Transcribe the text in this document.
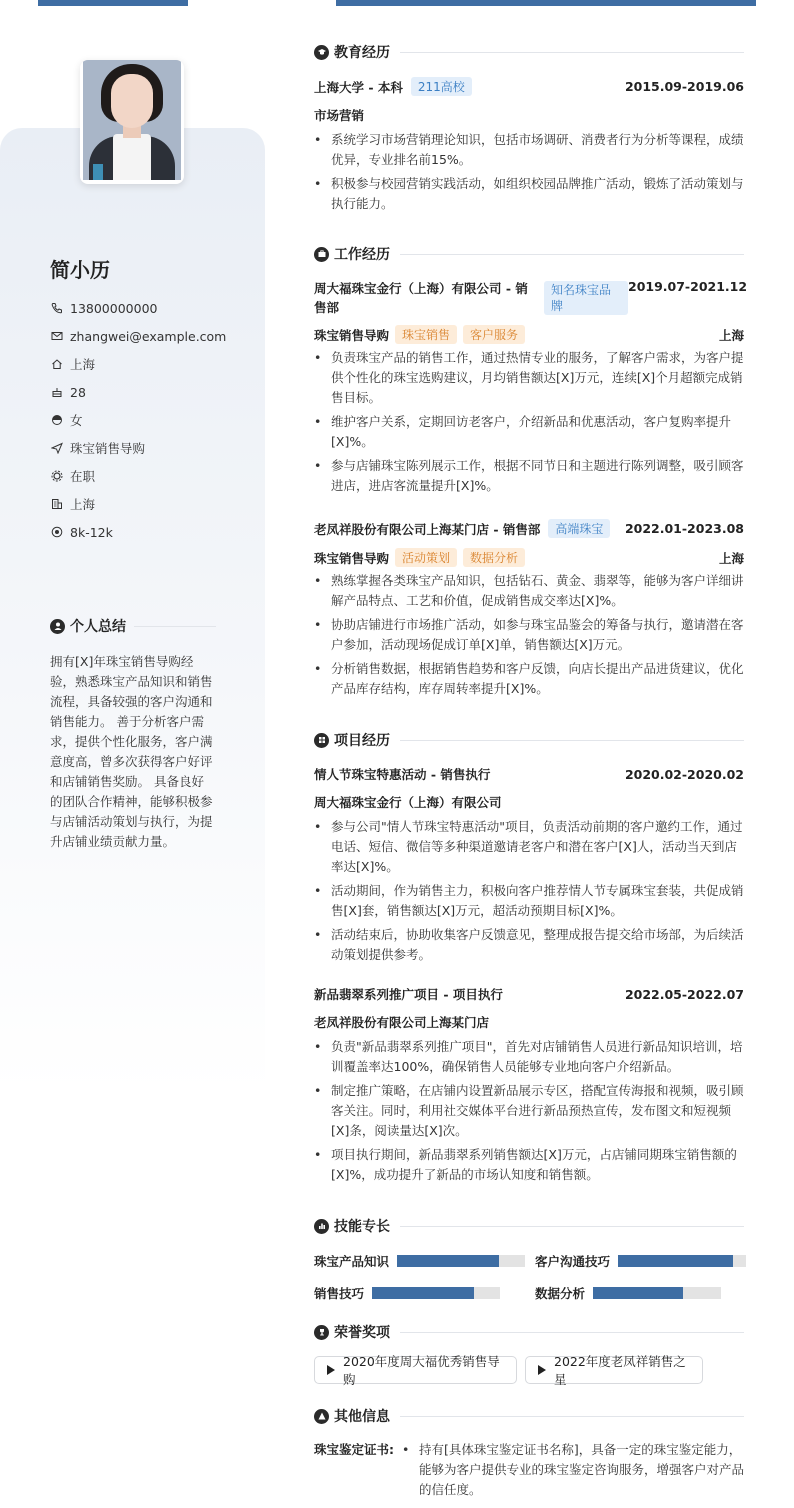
简小历
13800000000
zhangwei@example.com
上海
28
女
珠宝销售导购
在职
上海
8k-12k
个人总结
拥有[X]年珠宝销售导购经验，熟悉珠宝产品知识和销售流程，具备较强的客户沟通和销售能力。 善于分析客户需求，提供个性化服务，客户满意度高，曾多次获得客户好评和店铺销售奖励。 具备良好的团队合作精神，能够积极参与店铺活动策划与执行，为提升店铺业绩贡献力量。
教育经历
上海大学 - 本科	211高校	2015.09-2019.06
市场营销
• 系统学习市场营销理论知识，包括市场调研、消费者行为分析等课程，成绩优异，专业排名前15%。
• 积极参与校园营销实践活动，如组织校园品牌推广活动，锻炼了活动策划与执行能力。
工作经历
周大福珠宝金行（上海）有限公司 - 销售部
知名珠宝品牌
2019.07-2021.12
珠宝销售导购	珠宝销售	客户服务	上海
• 负责珠宝产品的销售工作，通过热情专业的服务，了解客户需求，为客户提供个性化的珠宝选购建议，月均销售额达[X]万元，连续[X]个月超额完成销售目标。
• 维护客户关系，定期回访老客户，介绍新品和优惠活动，客户复购率提升[X]%。
• 参与店铺珠宝陈列展示工作，根据不同节日和主题进行陈列调整，吸引顾客进店，进店客流量提升[X]%。
老凤祥股份有限公司上海某门店 - 销售部	高端珠宝	2022.01-2023.08
珠宝销售导购	活动策划	数据分析	上海
• 熟练掌握各类珠宝产品知识，包括钻石、黄金、翡翠等，能够为客户详细讲解产品特点、工艺和价值，促成销售成交率达[X]%。
• 协助店铺进行市场推广活动，如参与珠宝品鉴会的筹备与执行，邀请潜在客户参加，活动现场促成订单[X]单，销售额达[X]万元。
• 分析销售数据，根据销售趋势和客户反馈，向店长提出产品进货建议，优化产品库存结构，库存周转率提升[X]%。
项目经历
情人节珠宝特惠活动 - 销售执行	2020.02-2020.02
周大福珠宝金行（上海）有限公司
• 参与公司"情人节珠宝特惠活动"项目，负责活动前期的客户邀约工作，通过电话、短信、微信等多种渠道邀请老客户和潜在客户[X]人，活动当天到店率达[X]%。
• 活动期间，作为销售主力，积极向客户推荐情人节专属珠宝套装，共促成销售[X]套，销售额达[X]万元，超活动预期目标[X]%。
• 活动结束后，协助收集客户反馈意见，整理成报告提交给市场部，为后续活动策划提供参考。
新品翡翠系列推广项目 - 项目执行	2022.05-2022.07
老凤祥股份有限公司上海某门店
• 负责"新品翡翠系列推广项目"，首先对店铺销售人员进行新品知识培训，培训覆盖率达100%，确保销售人员能够专业地向客户介绍新品。
• 制定推广策略，在店铺内设置新品展示专区，搭配宣传海报和视频，吸引顾客关注。同时，利用社交媒体平台进行新品预热宣传，发布图文和短视频[X]条，阅读量达[X]次。
• 项目执行期间，新品翡翠系列销售额达[X]万元，占店铺同期珠宝销售额的[X]%，成功提升了新品的市场认知度和销售额。
技能专长
珠宝产品知识	客户沟通技巧
销售技巧	数据分析
荣誉奖项
2020年度周大福优秀销售导购
2022年度老凤祥销售之星
其他信息
珠宝鉴定证书:
•	持有[具体珠宝鉴定证书名称]，具备一定的珠宝鉴定能力，能够为客户提供专业的珠宝鉴定咨询服务，增强客户对产品的信任度。
